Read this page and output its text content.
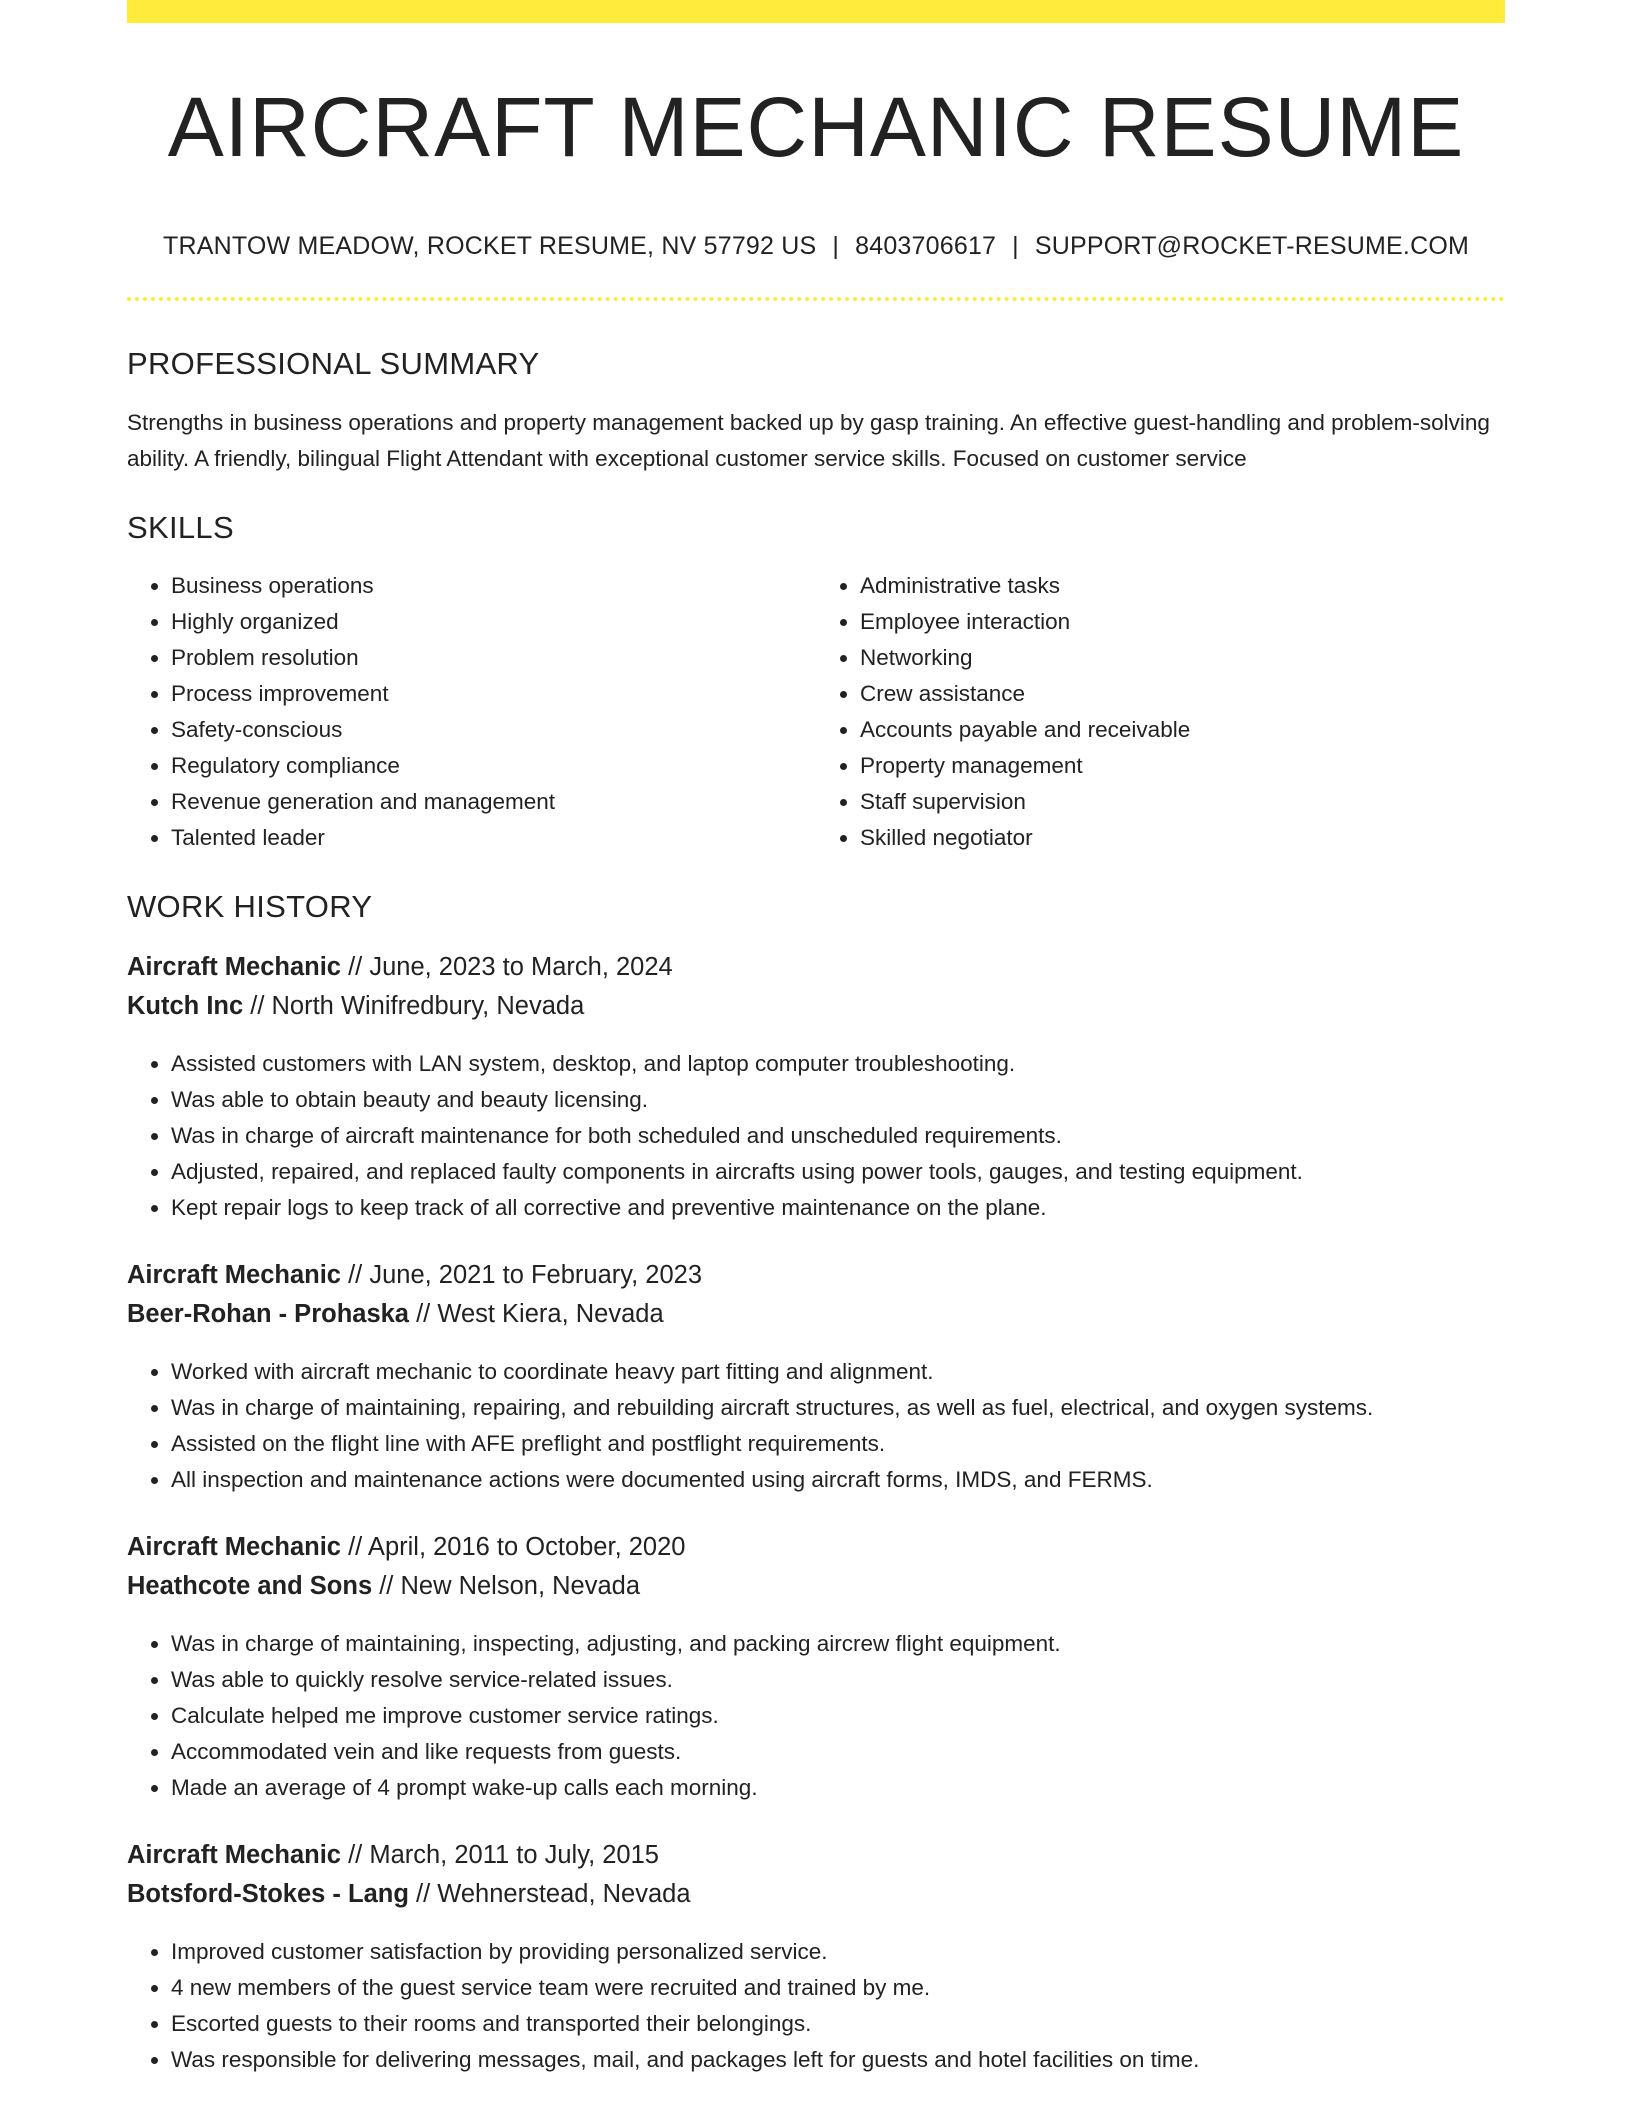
AIRCRAFT MECHANIC RESUME
TRANTOW MEADOW, ROCKET RESUME, NV 57792 US | 8403706617 | SUPPORT@ROCKET-RESUME.COM
PROFESSIONAL SUMMARY

Strengths in business operations and property management backed up by gasp training. An effective guest-handling and problem-solving ability. A friendly, bilingual Flight Attendant with exceptional customer service skills. Focused on customer service

SKILLS
• Business operations
• Highly organized
• Problem resolution
• Process improvement
• Safety-conscious
• Regulatory compliance
• Revenue generation and management
• Talented leader
• Administrative tasks
• Employee interaction
• Networking
• Crew assistance
• Accounts payable and receivable
• Property management
• Staff supervision
• Skilled negotiator
WORK HISTORY
Aircraft Mechanic // June, 2023 to March, 2024
Kutch Inc // North Winifredbury, Nevada
• Assisted customers with LAN system, desktop, and laptop computer troubleshooting.
• Was able to obtain beauty and beauty licensing.
• Was in charge of aircraft maintenance for both scheduled and unscheduled requirements.
• Adjusted, repaired, and replaced faulty components in aircrafts using power tools, gauges, and testing equipment.
• Kept repair logs to keep track of all corrective and preventive maintenance on the plane.
Aircraft Mechanic // June, 2021 to February, 2023
Beer-Rohan - Prohaska // West Kiera, Nevada
• Worked with aircraft mechanic to coordinate heavy part fitting and alignment.
• Was in charge of maintaining, repairing, and rebuilding aircraft structures, as well as fuel, electrical, and oxygen systems.
• Assisted on the flight line with AFE preflight and postflight requirements.
• All inspection and maintenance actions were documented using aircraft forms, IMDS, and FERMS.
Aircraft Mechanic // April, 2016 to October, 2020
Heathcote and Sons // New Nelson, Nevada
• Was in charge of maintaining, inspecting, adjusting, and packing aircrew flight equipment.
• Was able to quickly resolve service-related issues.
• Calculate helped me improve customer service ratings.
• Accommodated vein and like requests from guests.
• Made an average of 4 prompt wake-up calls each morning.
Aircraft Mechanic // March, 2011 to July, 2015
Botsford-Stokes - Lang // Wehnerstead, Nevada
• Improved customer satisfaction by providing personalized service.
• 4 new members of the guest service team were recruited and trained by me.
• Escorted guests to their rooms and transported their belongings.
• Was responsible for delivering messages, mail, and packages left for guests and hotel facilities on time.
